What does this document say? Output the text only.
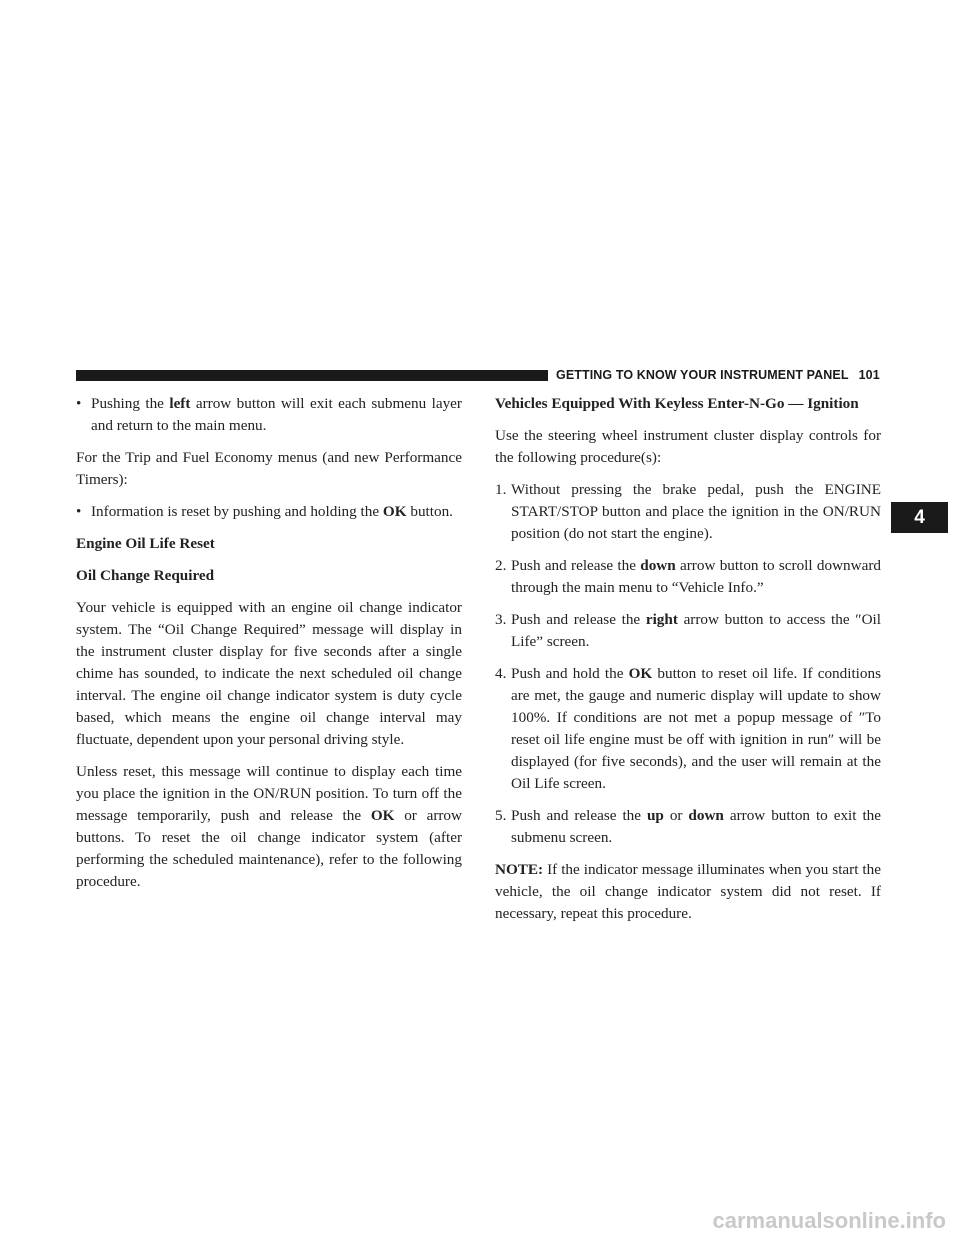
GETTING TO KNOW YOUR INSTRUMENT PANEL 101
4
• Pushing the left arrow button will exit each submenu layer and return to the main menu.

For the Trip and Fuel Economy menus (and new Performance Timers):

• Information is reset by pushing and holding the OK button.
Engine Oil Life Reset
Oil Change Required

Your vehicle is equipped with an engine oil change indicator system. The “Oil Change Required” message will display in the instrument cluster display for five seconds after a single chime has sounded, to indicate the next scheduled oil change interval. The engine oil change indicator system is duty cycle based, which means the engine oil change interval may fluctuate, dependent upon your personal driving style.

Unless reset, this message will continue to display each time you place the ignition in the ON/RUN position. To turn off the message temporarily, push and release the OK or arrow buttons. To reset the oil change indicator system (after performing the scheduled maintenance), refer to the following procedure.

Vehicles Equipped With Keyless Enter-N-Go — Ignition

Use the steering wheel instrument cluster display controls for the following procedure(s):

1. Without pressing the brake pedal, push the ENGINE START/STOP button and place the ignition in the ON/RUN position (do not start the engine).
2. Push and release the down arrow button to scroll downward through the main menu to “Vehicle Info.”
3. Push and release the right arrow button to access the ″Oil Life” screen.
4. Push and hold the OK button to reset oil life. If conditions are met, the gauge and numeric display will update to show 100%. If conditions are not met a popup message of ″To reset oil life engine must be off with ignition in run″ will be displayed (for five seconds), and the user will remain at the Oil Life screen.
5. Push and release the up or down arrow button to exit the submenu screen.

NOTE: If the indicator message illuminates when you start the vehicle, the oil change indicator system did not reset. If necessary, repeat this procedure.

carmanualsonline.info
